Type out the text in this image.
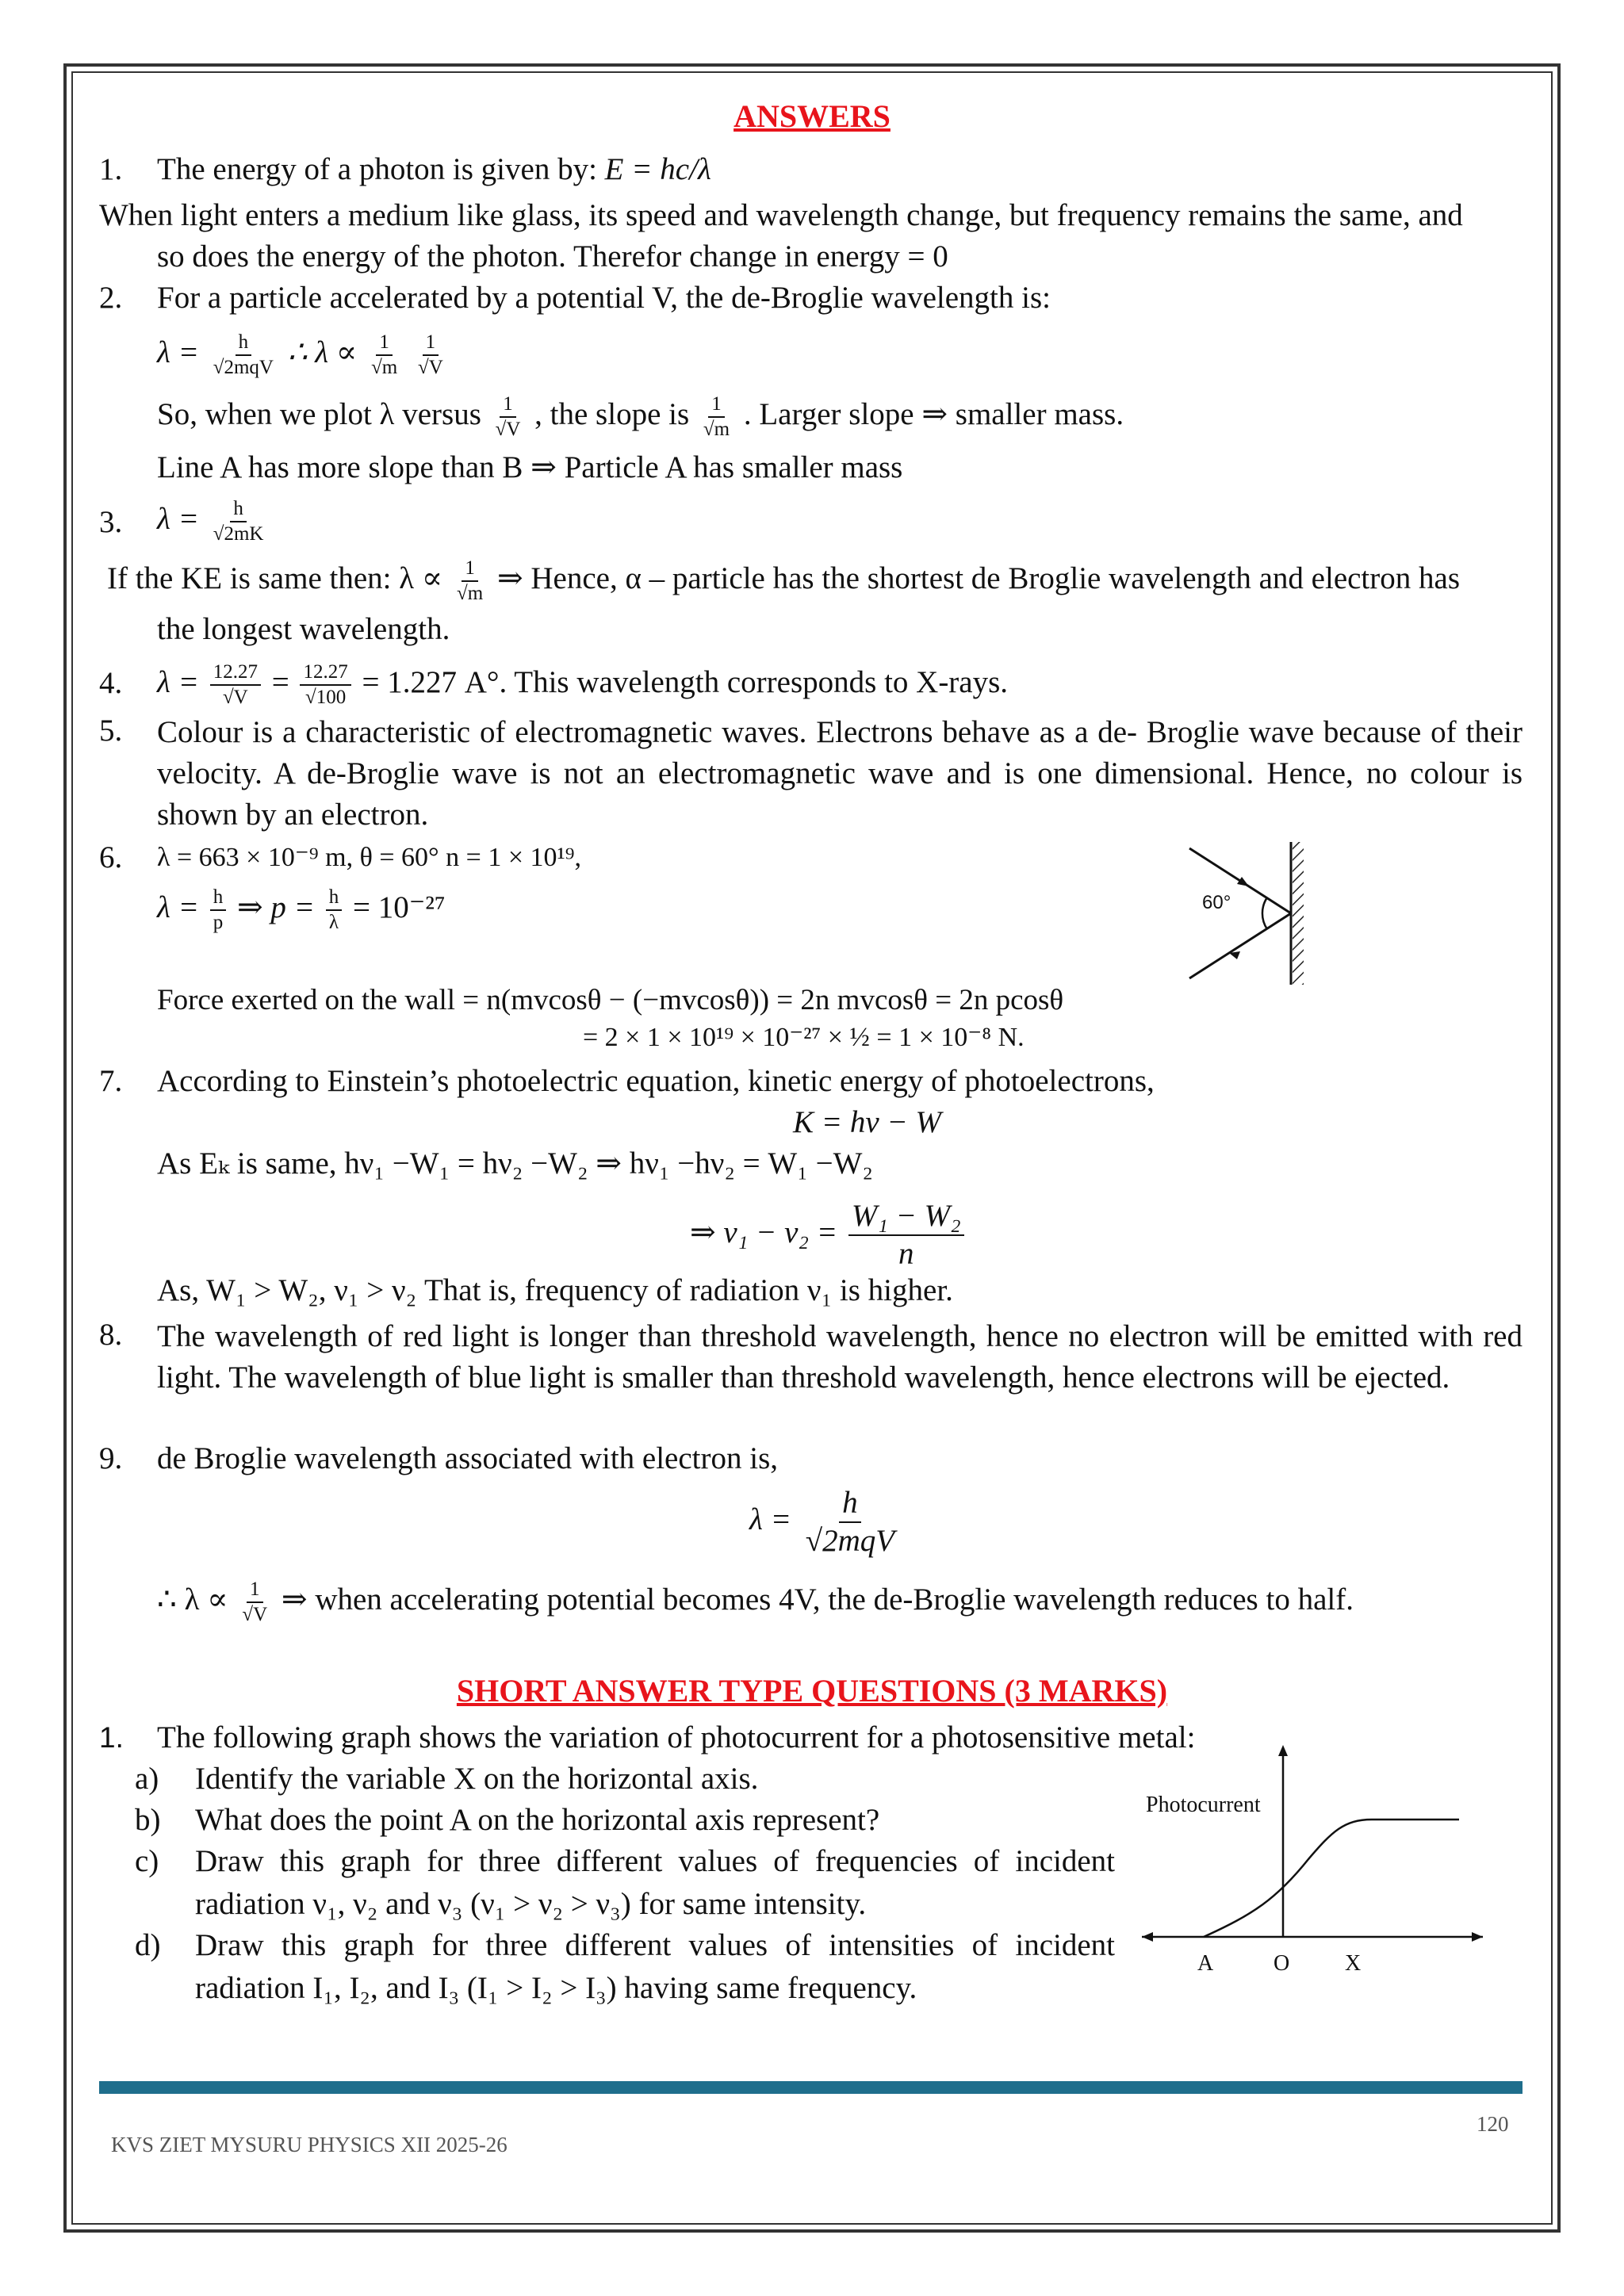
ANSWERS
1. The energy of a photon is given by: E = hc/λ
When light enters a medium like glass, its speed and wavelength change, but frequency remains the same, and
so does the energy of the photon. Therefor change in energy = 0
2. For a particle accelerated by a potential V, the de-Broglie wavelength is:
$\lambda = \frac{h}{\text{√2mqV}}$ ∴ $\lambda \propto \frac{1}{√m}$
$\frac{1}{√V}$
So, when we plot λ versus $\frac{1}{√V}$ , the slope is $\frac{1}{√m}$ . Larger slope ⇒ smaller mass.
Line A has more slope than B ⇒ Particle A has smaller mass
3. $\lambda = \frac{h}{√2mK}$
If the KE is same then: $\lambda \propto \frac{1}{√m}$ ⇒ Hence, α – particle has the shortest de Broglie wavelength and electron has
the longest wavelength.
4. $\lambda = \frac{12.27}{√V} = \frac{12.27}{√100} = 1.227$ A°. This wavelength corresponds to X-rays.
5. Colour is a characteristic of electromagnetic waves. Electrons behave as a de- Broglie wave because of their velocity. A de-Broglie wave is not an electromagnetic wave and is one dimensional. Hence, no colour is shown by an electron.
6. λ = 663 × 10⁻⁹ m, θ = 60° n = 1 × 10¹⁹,
$\lambda = \frac{h}{p}$ ⇒ $p = \frac{h}{\lambda} = 10^{-27}$
Force exerted on the wall = n(mvcosθ − (−mvcosθ)) = 2n mvcosθ = 2n pcosθ
= 2 × 1 × 10¹⁹ × 10⁻²⁷ × ½ = 1 × 10⁻⁸ N.
60°
7. According to Einstein’s photoelectric equation, kinetic energy of photoelectrons,
K = hν − W
As Eₖ is same, hν₁ −W₁ = hν₂ −W₂ ⇒ hν₁ −hν₂ = W₁ −W₂
⇒ $\nu_1 - \nu_2 = \frac{\text{W₁ − W₂}}{n}$
As, W₁ > W₂, ν₁ > ν₂ That is, frequency of radiation ν₁ is higher.
8. The wavelength of red light is longer than threshold wavelength, hence no electron will be emitted with red light. The wavelength of blue light is smaller than threshold wavelength, hence electrons will be ejected.
9. de Broglie wavelength associated with electron is,
$\lambda = \frac{h}{\text{√2mqV}}$
∴ $\lambda \propto \frac{1}{√V}$ ⇒ when accelerating potential becomes 4V, the de-Broglie wavelength reduces to half.
SHORT ANSWER TYPE QUESTIONS (3 MARKS)
1. The following graph shows the variation of photocurrent for a photosensitive metal:
a) Identify the variable X on the horizontal axis.
b) What does the point A on the horizontal axis represent?
c) Draw this graph for three different values of frequencies of incident
radiation ν₁, ν₂ and ν₃ (ν₁ > ν₂ > ν₃) for same intensity.
d) Draw this graph for three different values of intensities of incident
radiation I₁, I₂, and I₃ (I₁ > I₂ > I₃) having same frequency.
Photocurrent
A	O X
KVS ZIET MYSURU PHYSICS XII 2025-26
120
